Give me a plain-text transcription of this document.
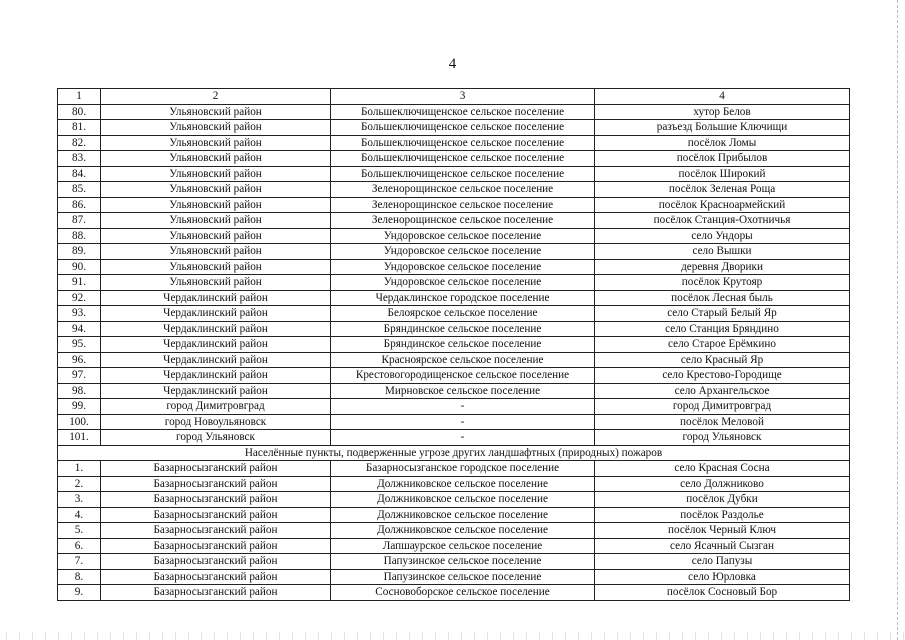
4
1	2	3	4
80.	Ульяновский район	Большеключищенское сельское поселение	хутор Белов
81.	Ульяновский район	Большеключищенское сельское поселение	разъезд Большие Ключищи
82.	Ульяновский район	Большеключищенское сельское поселение	посёлок Ломы
83.	Ульяновский район	Большеключищенское сельское поселение	посёлок Прибылов
84.	Ульяновский район	Большеключищенское сельское поселение	посёлок Широкий
85.	Ульяновский район	Зеленорощинское сельское поселение	посёлок Зеленая Роща
86.	Ульяновский район	Зеленорощинское сельское поселение	посёлок Красноармейский
87.	Ульяновский район	Зеленорощинское сельское поселение	посёлок Станция-Охотничья
88.	Ульяновский район	Ундоровское сельское поселение	село Ундоры
89.	Ульяновский район	Ундоровское сельское поселение	село Вышки
90.	Ульяновский район	Ундоровское сельское поселение	деревня Дворики
91.	Ульяновский район	Ундоровское сельское поселение	посёлок Крутояр
92.	Чердаклинский район	Чердаклинское городское поселение	посёлок Лесная быль
93.	Чердаклинский район	Белоярское сельское поселение	село Старый Белый Яр
94.	Чердаклинский район	Бряндинское сельское поселение	село Станция Бряндино
95.	Чердаклинский район	Бряндинское сельское поселение	село Старое Ерёмкино
96.	Чердаклинский район	Красноярское сельское поселение	село Красный Яр
97.	Чердаклинский район	Крестовогородищенское сельское поселение	село Крестово-Городище
98.	Чердаклинский район	Мирновское сельское поселение	село Архангельское
99.	город Димитровград	-	город Димитровград
100.	город Новоульяновск	-	посёлок Меловой
101.	город Ульяновск	-	город Ульяновск
Населённые пункты, подверженные угрозе других ландшафтных (природных) пожаров			
1.	Базарносызганский район	Базарносызганское городское поселение	село Красная Сосна
2.	Базарносызганский район	Должниковское сельское поселение	село Должниково
3.	Базарносызганский район	Должниковское сельское поселение	посёлок Дубки
4.	Базарносызганский район	Должниковское сельское поселение	посёлок Раздолье
5.	Базарносызганский район	Должниковское сельское поселение	посёлок Черный Ключ
6.	Базарносызганский район	Лапшаурское сельское поселение	село Ясачный Сызган
7.	Базарносызганский район	Папузинское сельское поселение	село Папузы
8.	Базарносызганский район	Папузинское сельское поселение	село Юрловка
9.	Базарносызганский район	Сосновоборское сельское поселение	посёлок Сосновый Бор
